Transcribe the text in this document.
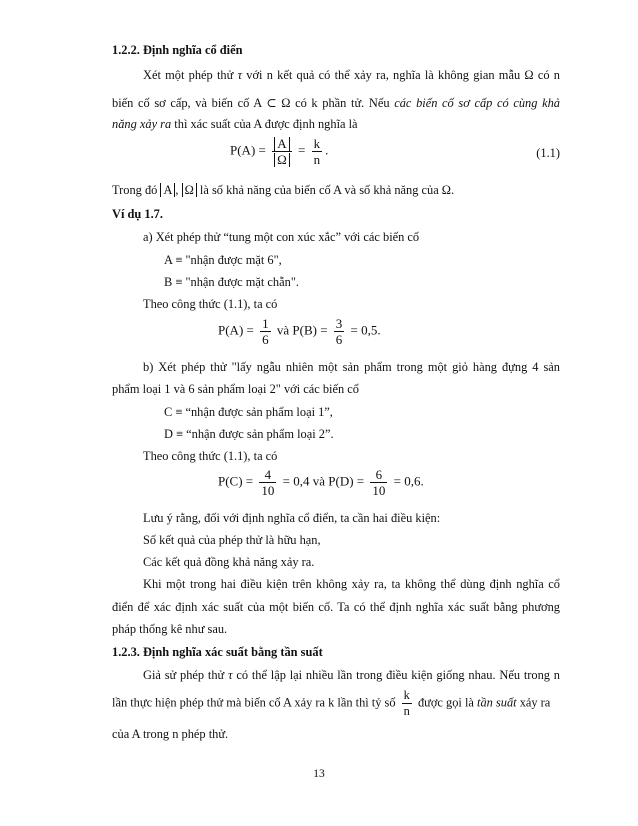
1.2.2. Định nghĩa cổ điển
Xét một phép thử τ với n kết quả có thể xảy ra, nghĩa là không gian mẫu Ω có n
biến cố sơ cấp, và biến cố A ⊂ Ω có k phần tử. Nếu các biến cố sơ cấp có cùng khả
năng xảy ra thì xác suất của A được định nghĩa là
$P(A) = \frac{A}{\Omega} = \frac{k}{n}$ .	(1.1)
Trong đó A , Ω là số khả năng của biến cố A và số khả năng của Ω.
Ví dụ 1.7.
a) Xét phép thử “tung một con xúc xắc” với các biến cố
A ≡ "nhận được mặt 6",
B ≡ "nhận được mặt chẵn".
Theo công thức (1.1), ta có
$P(A) = \frac{1}{6}$ và $P(B) = \frac{3}{6} = 0,5$.
b) Xét phép thử "lấy ngẫu nhiên một sản phẩm trong một giỏ hàng đựng 4 sản
phẩm loại 1 và 6 sản phẩm loại 2" với các biến cố
C ≡ “nhận được sản phẩm loại 1”,
D ≡ “nhận được sản phẩm loại 2”.
Theo công thức (1.1), ta có
$P(C) = \frac{4}{10} = 0,4$ và $P(D) = \frac{6}{10} = 0,6$.
Lưu ý rằng, đối với định nghĩa cổ điển, ta cần hai điều kiện:
Số kết quả của phép thử là hữu hạn,
Các kết quả đồng khả năng xảy ra.
Khi một trong hai điều kiện trên không xảy ra, ta không thể dùng định nghĩa cổ
điển để xác định xác suất của một biến cố. Ta có thể định nghĩa xác suất bằng phương
pháp thống kê như sau.
1.2.3. Định nghĩa xác suất bằng tần suất
Giả sử phép thử τ có thể lập lại nhiều lần trong điều kiện giống nhau. Nếu trong n
lần thực hiện phép thử mà biến cố A xảy ra k lần thì tỷ số $\frac{k}{n}$ được gọi là tần suất xảy ra
của A trong n phép thử.
13
